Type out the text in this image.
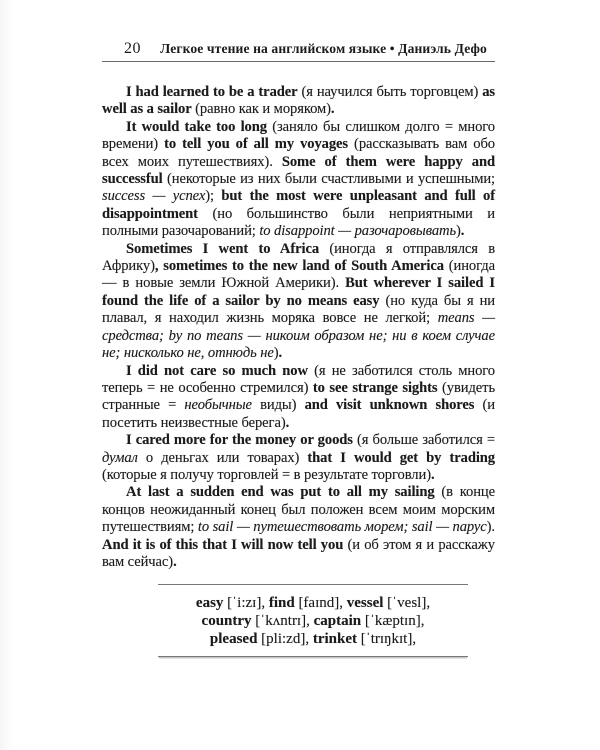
20	Легкое чтение на английском языке • Даниэль Дефо

I had learned to be a trader (я научился быть торговцем) as well as a sailor (равно как и моряком).

It would take too long (заняло бы слишком долго = много времени) to tell you of all my voyages (рассказывать вам обо всех моих путешествиях). Some of them were happy and successful (некоторые из них были счастливыми и успешными; success — успех); but the most were unpleasant and full of disappointment (но большинство были неприятными и полными разочарований; to disappoint — разочаровывать).

Sometimes I went to Africa (иногда я отправлялся в Африку), sometimes to the new land of South America (иногда — в новые земли Южной Америки). But wherever I sailed I found the life of a sailor by no means easy (но куда бы я ни плавал, я находил жизнь моряка вовсе не легкой; means — средства; by no means — никоим образом не; ни в коем случае не; нисколько не, отнюдь не).

I did not care so much now (я не заботился столь много теперь = не особенно стремился) to see strange sights (увидеть странные = необычные виды) and visit unknown shores (и посетить неизвестные берега).

I cared more for the money or goods (я больше заботился = думал о деньгах или товарах) that I would get by trading (которые я получу торговлей = в результате торговли).

At last a sudden end was put to all my sailing (в конце концов неожиданный конец был положен всем моим морским путешествиям; to sail — путешествовать морем; sail — парус). And it is of this that I will now tell you (и об этом я и расскажу вам сейчас).

easy [ˈi:zɪ], find [faɪnd], vessel [ˈvesl],
country [ˈkʌntrɪ], captain [ˈkæptɪn],
pleased [pli:zd], trinket [ˈtrɪŋkɪt],
